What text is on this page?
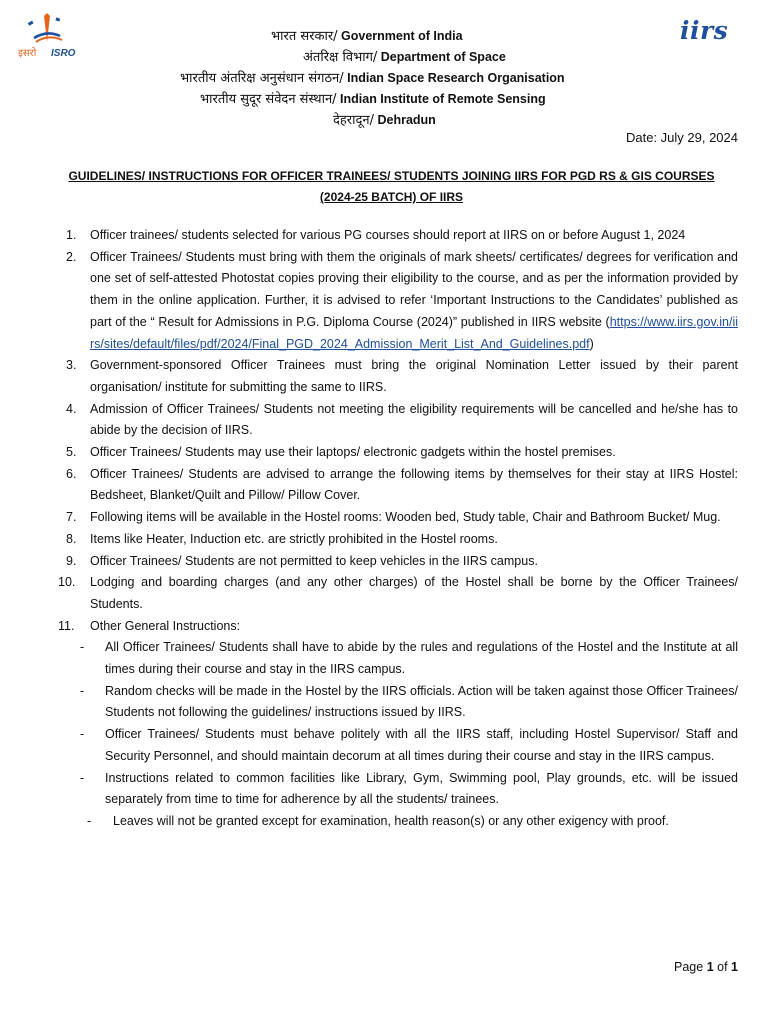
इसरो ISRO
iirs
भारत सरकार/ Government of India
अंतरिक्ष विभाग/ Department of Space
भारतीय अंतरिक्ष अनुसंधान संगठन/ Indian Space Research Organisation
भारतीय सुदूर संवेदन संस्थान/ Indian Institute of Remote Sensing
देहरादून/ Dehradun
Date: July 29, 2024
GUIDELINES/ INSTRUCTIONS FOR OFFICER TRAINEES/ STUDENTS JOINING IIRS FOR PGD RS & GIS COURSES
(2024-25 BATCH) OF IIRS
1. Officer trainees/ students selected for various PG courses should report at IIRS on or before August 1, 2024
2. Officer Trainees/ Students must bring with them the originals of mark sheets/ certificates/ degrees for verification and one set of self-attested Photostat copies proving their eligibility to the course, and as per the information provided by them in the online application. Further, it is advised to refer ‘Important Instructions to the Candidates’ published as part of the “ Result for Admissions in P.G. Diploma Course (2024)” published in IIRS website (https://www.iirs.gov.in/iirs/sites/default/files/pdf/2024/Final_PGD_2024_Admission_Merit_List_And_Guidelines.pdf)
3. Government-sponsored Officer Trainees must bring the original Nomination Letter issued by their parent organisation/ institute for submitting the same to IIRS.
4. Admission of Officer Trainees/ Students not meeting the eligibility requirements will be cancelled and he/she has to abide by the decision of IIRS.
5. Officer Trainees/ Students may use their laptops/ electronic gadgets within the hostel premises.
6. Officer Trainees/ Students are advised to arrange the following items by themselves for their stay at IIRS Hostel: Bedsheet, Blanket/Quilt and Pillow/ Pillow Cover.
7. Following items will be available in the Hostel rooms: Wooden bed, Study table, Chair and Bathroom Bucket/ Mug.
8. Items like Heater, Induction etc. are strictly prohibited in the Hostel rooms.
9. Officer Trainees/ Students are not permitted to keep vehicles in the IIRS campus.
10. Lodging and boarding charges (and any other charges) of the Hostel shall be borne by the Officer Trainees/ Students.
11. Other General Instructions:
- All Officer Trainees/ Students shall have to abide by the rules and regulations of the Hostel and the Institute at all times during their course and stay in the IIRS campus.
- Random checks will be made in the Hostel by the IIRS officials. Action will be taken against those Officer Trainees/ Students not following the guidelines/ instructions issued by IIRS.
- Officer Trainees/ Students must behave politely with all the IIRS staff, including Hostel Supervisor/ Staff and Security Personnel, and should maintain decorum at all times during their course and stay in the IIRS campus.
- Instructions related to common facilities like Library, Gym, Swimming pool, Play grounds, etc. will be issued separately from time to time for adherence by all the students/ trainees.
- Leaves will not be granted except for examination, health reason(s) or any other exigency with proof.
Page 1 of 1
